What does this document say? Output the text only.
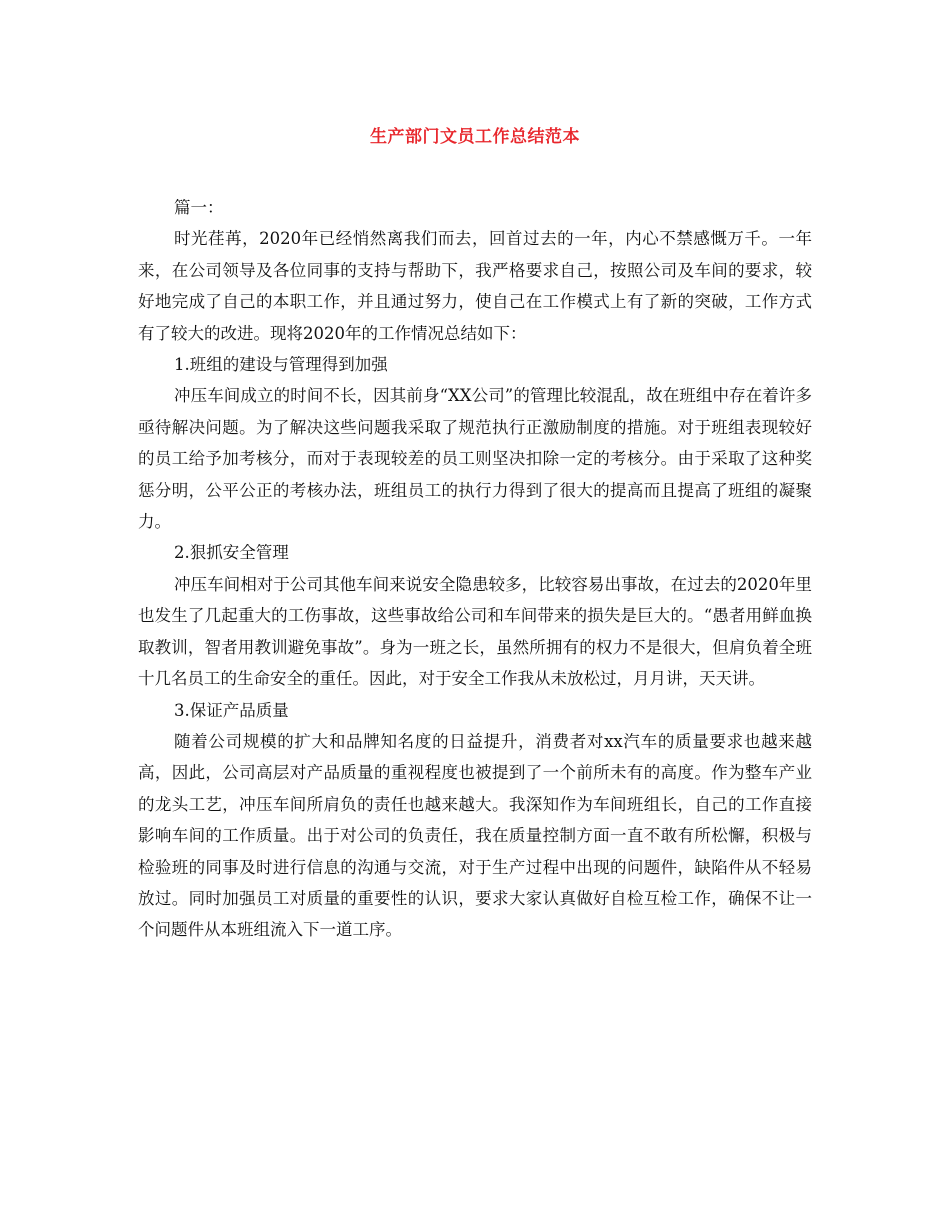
生产部门文员工作总结范本

篇一：

时光荏苒，2020年已经悄然离我们而去，回首过去的一年，内心不禁感慨万千。一年来，在公司领导及各位同事的支持与帮助下，我严格要求自己，按照公司及车间的要求，较好地完成了自己的本职工作，并且通过努力，使自己在工作模式上有了新的突破，工作方式有了较大的改进。现将2020年的工作情况总结如下：

1.班组的建设与管理得到加强

冲压车间成立的时间不长，因其前身“XX公司”的管理比较混乱，故在班组中存在着许多亟待解决问题。为了解决这些问题我采取了规范执行正激励制度的措施。对于班组表现较好的员工给予加考核分，而对于表现较差的员工则坚决扣除一定的考核分。由于采取了这种奖惩分明，公平公正的考核办法，班组员工的执行力得到了很大的提高而且提高了班组的凝聚力。

2.狠抓安全管理

冲压车间相对于公司其他车间来说安全隐患较多，比较容易出事故，在过去的2020年里也发生了几起重大的工伤事故，这些事故给公司和车间带来的损失是巨大的。“愚者用鲜血换取教训，智者用教训避免事故”。身为一班之长，虽然所拥有的权力不是很大，但肩负着全班十几名员工的生命安全的重任。因此，对于安全工作我从未放松过，月月讲，天天讲。

3.保证产品质量

随着公司规模的扩大和品牌知名度的日益提升，消费者对xx汽车的质量要求也越来越高，因此，公司高层对产品质量的重视程度也被提到了一个前所未有的高度。作为整车产业的龙头工艺，冲压车间所肩负的责任也越来越大。我深知作为车间班组长，自己的工作直接影响车间的工作质量。出于对公司的负责任，我在质量控制方面一直不敢有所松懈，积极与检验班的同事及时进行信息的沟通与交流，对于生产过程中出现的问题件，缺陷件从不轻易放过。同时加强员工对质量的重要性的认识，要求大家认真做好自检互检工作，确保不让一个问题件从本班组流入下一道工序。
